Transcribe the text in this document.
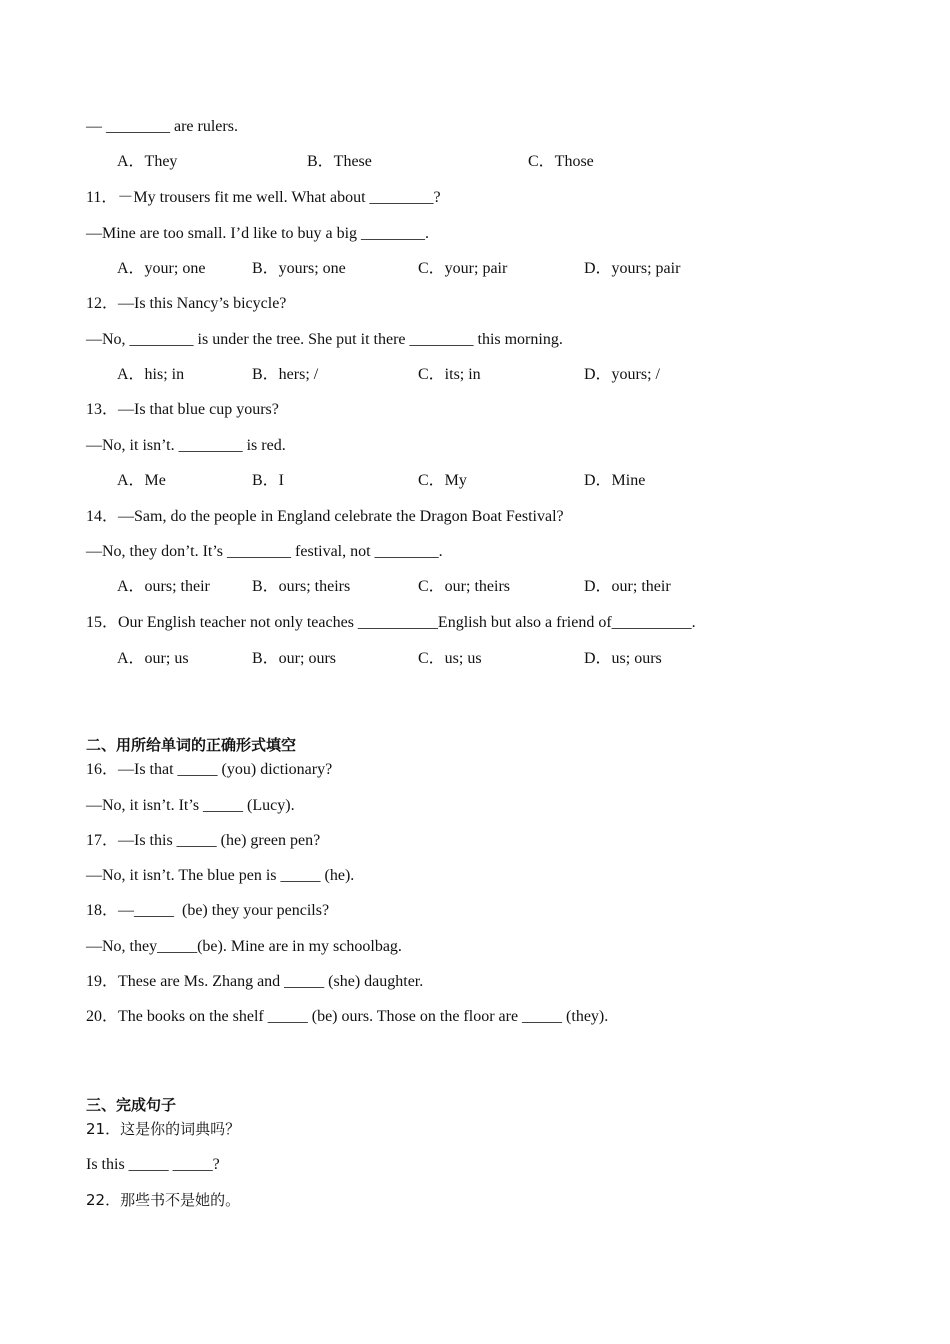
— ________ are rulers.
A．They	B．These	C．Those
11．－My trousers fit me well. What about ________?
—Mine are too small. I’d like to buy a big ________.
A．your; one	B．yours; one	C．your; pair	D．yours; pair
12．—Is this Nancy’s bicycle?
—No, ________ is under the tree. She put it there ________ this morning.
A．his; in	B．hers; /	C．its; in	D．yours; /
13．—Is that blue cup yours?
—No, it isn’t. ________ is red.
A．Me	B．I	C．My	D．Mine
14．—Sam, do the people in England celebrate the Dragon Boat Festival?
—No, they don’t. It’s ________ festival, not ________.
A．ours; their	B．ours; theirs	C．our; theirs	D．our; their
15．Our English teacher not only teaches __________English but also a friend of__________.
A．our; us	B．our; ours	C．us; us	D．us; ours
二、用所给单词的正确形式填空
16．—Is that _____ (you) dictionary?
—No, it isn’t. It’s _____ (Lucy).
17．—Is this _____ (he) green pen?
—No, it isn’t. The blue pen is _____ (he).
18．—_____  (be) they your pencils?
—No, they_____(be). Mine are in my schoolbag.
19．These are Ms. Zhang and _____ (she) daughter.
20．The books on the shelf _____ (be) ours. Those on the floor are _____ (they).
三、完成句子
21．这是你的词典吗？
Is this _____ _____?
22．那些书不是她的。
